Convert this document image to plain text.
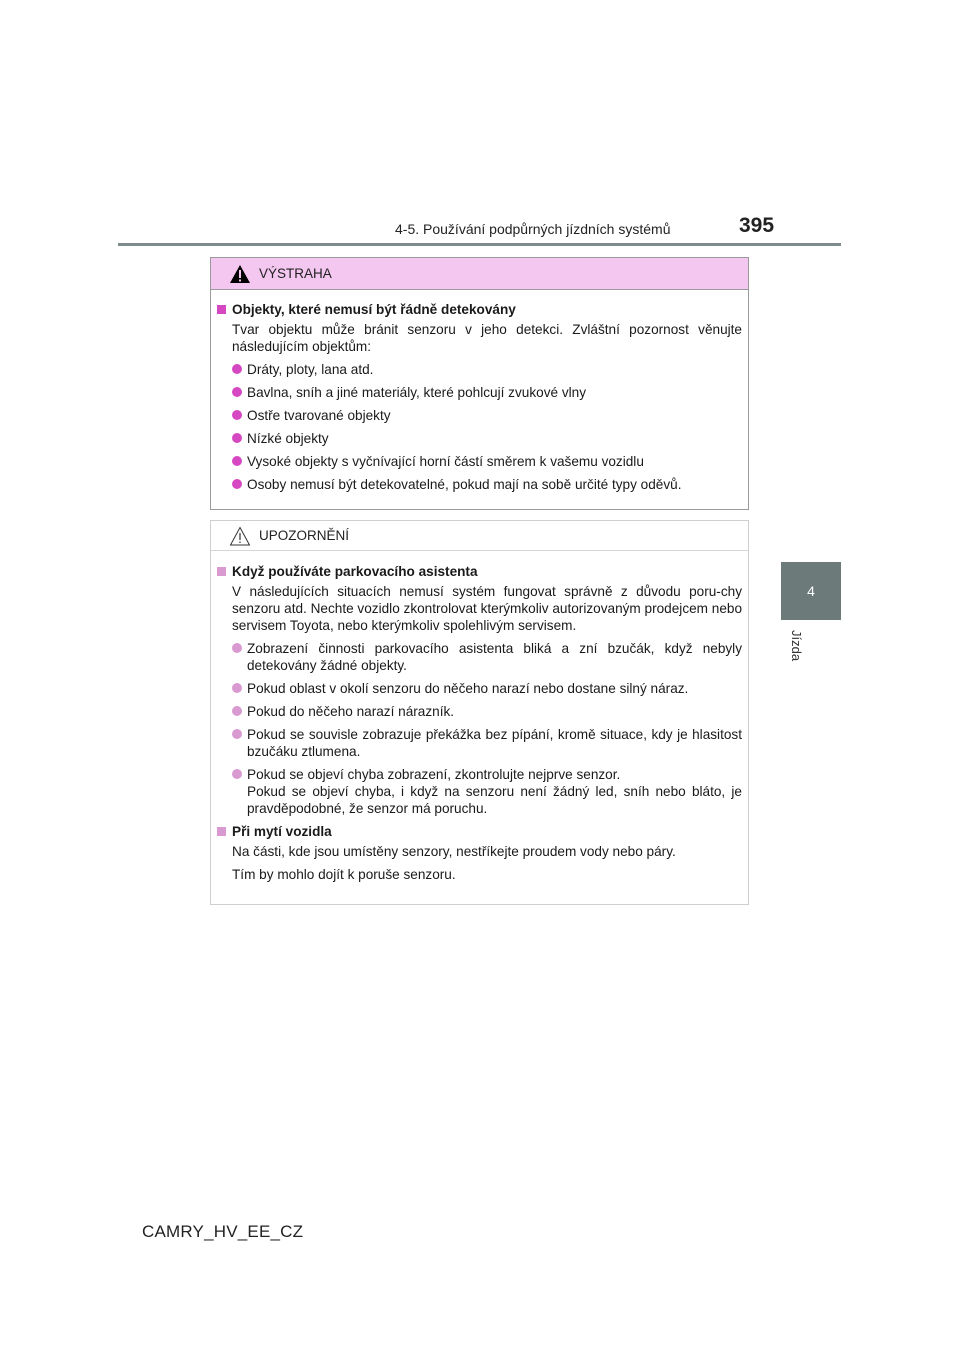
4-5. Používání podpůrných jízdních systémů	395
4
Jízda
VÝSTRAHA
Objekty, které nemusí být řádně detekovány
Tvar objektu může bránit senzoru v jeho detekci. Zvláštní pozornost věnujte následujícím objektům:
Dráty, ploty, lana atd.
Bavlna, sníh a jiné materiály, které pohlcují zvukové vlny
Ostře tvarované objekty
Nízké objekty
Vysoké objekty s vyčnívající horní částí směrem k vašemu vozidlu
Osoby nemusí být detekovatelné, pokud mají na sobě určité typy oděvů.
UPOZORNĚNÍ
Když používáte parkovacího asistenta
V následujících situacích nemusí systém fungovat správně z důvodu poru-chy senzoru atd. Nechte vozidlo zkontrolovat kterýmkoliv autorizovaným prodejcem nebo servisem Toyota, nebo kterýmkoliv spolehlivým servisem.
Zobrazení činnosti parkovacího asistenta bliká a zní bzučák, když nebyly detekovány žádné objekty.
Pokud oblast v okolí senzoru do něčeho narazí nebo dostane silný náraz.
Pokud do něčeho narazí nárazník.
Pokud se souvisle zobrazuje překážka bez pípání, kromě situace, kdy je hlasitost bzučáku ztlumena.
Pokud se objeví chyba zobrazení, zkontrolujte nejprve senzor.
Pokud se objeví chyba, i když na senzoru není žádný led, sníh nebo bláto, je pravděpodobné, že senzor má poruchu.
Při mytí vozidla
Na části, kde jsou umístěny senzory, nestříkejte proudem vody nebo páry.
Tím by mohlo dojít k poruše senzoru.
CAMRY_HV_EE_CZ
